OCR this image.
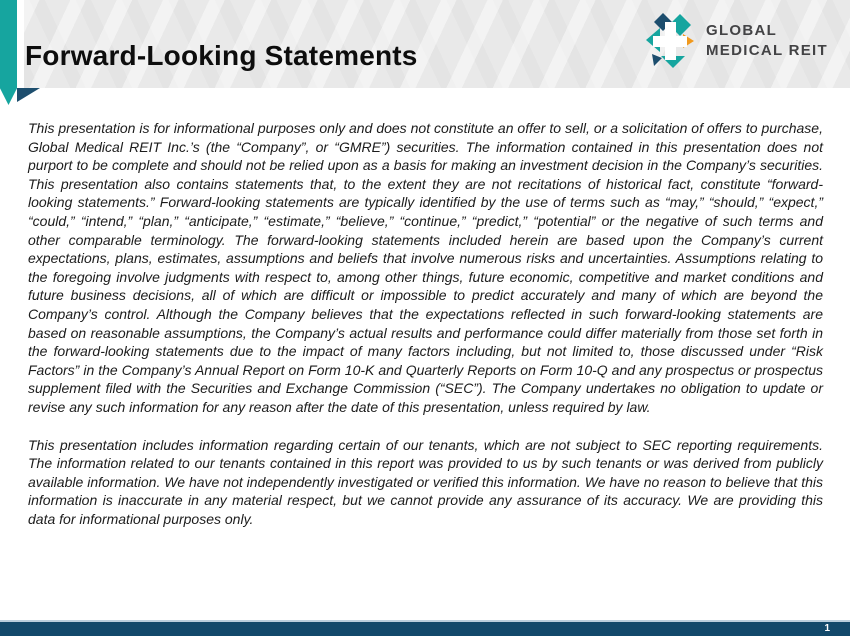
Forward-Looking Statements
GLOBAL
MEDICAL REIT

This presentation is for informational purposes only and does not constitute an offer to sell, or a solicitation of offers to purchase, Global Medical REIT Inc.’s (the “Company”, or “GMRE”) securities. The information contained in this presentation does not purport to be complete and should not be relied upon as a basis for making an investment decision in the Company’s securities. This presentation also contains statements that, to the extent they are not recitations of historical fact, constitute “forward-looking statements.” Forward-looking statements are typically identified by the use of terms such as “may,” “should,” “expect,” “could,” “intend,” “plan,” “anticipate,” “estimate,” “believe,” “continue,” “predict,” “potential” or the negative of such terms and other comparable terminology. The forward-looking statements included herein are based upon the Company’s current expectations, plans, estimates, assumptions and beliefs that involve numerous risks and uncertainties. Assumptions relating to the foregoing involve judgments with respect to, among other things, future economic, competitive and market conditions and future business decisions, all of which are difficult or impossible to predict accurately and many of which are beyond the Company’s control. Although the Company believes that the expectations reflected in such forward-looking statements are based on reasonable assumptions, the Company’s actual results and performance could differ materially from those set forth in the forward-looking statements due to the impact of many factors including, but not limited to, those discussed under “Risk Factors” in the Company’s Annual Report on Form 10-K and Quarterly Reports on Form 10-Q and any prospectus or prospectus supplement filed with the Securities and Exchange Commission (“SEC”). The Company undertakes no obligation to update or revise any such information for any reason after the date of this presentation, unless required by law.

This presentation includes information regarding certain of our tenants, which are not subject to SEC reporting requirements. The information related to our tenants contained in this report was provided to us by such tenants or was derived from publicly available information. We have not independently investigated or verified this information. We have no reason to believe that this information is inaccurate in any material respect, but we cannot provide any assurance of its accuracy. We are providing this data for informational purposes only.

1
